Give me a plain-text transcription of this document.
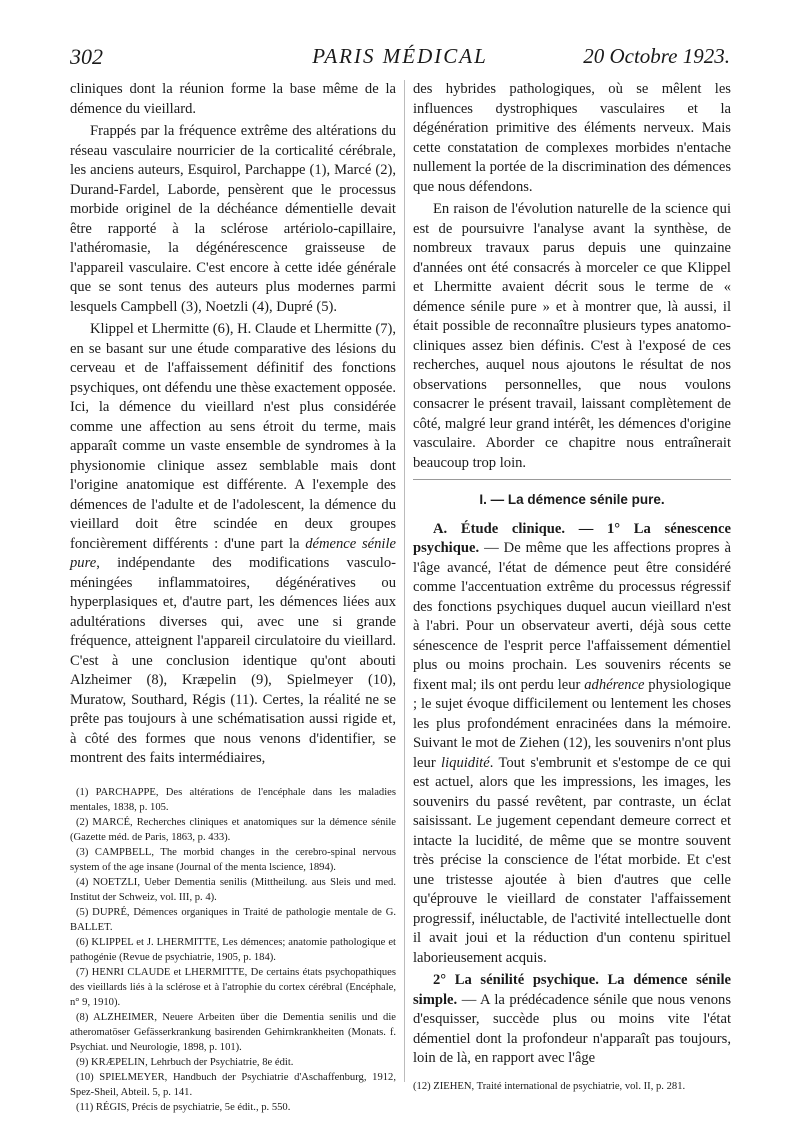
PARIS MÉDICAL
302	20 Octobre 1923.

cliniques dont la réunion forme la base même de la démence du vieillard.

Frappés par la fréquence extrême des altérations du réseau vasculaire nourricier de la corticalité cérébrale, les anciens auteurs, Esquirol, Parchappe (1), Marcé (2), Durand-Fardel, Laborde, pensèrent que le processus morbide originel de la déchéance démentielle devait être rapporté à la sclérose artériolo-capillaire, l'athéromasie, la dégénérescence graisseuse de l'appareil vasculaire. C'est encore à cette idée générale que se sont tenus des auteurs plus modernes parmi lesquels Campbell (3), Noetzli (4), Dupré (5).

Klippel et Lhermitte (6), H. Claude et Lhermitte (7), en se basant sur une étude comparative des lésions du cerveau et de l'affaissement définitif des fonctions psychiques, ont défendu une thèse exactement opposée. Ici, la démence du vieillard n'est plus considérée comme une affection au sens étroit du terme, mais apparaît comme un vaste ensemble de syndromes à la physionomie clinique assez semblable mais dont l'origine anatomique est différente. A l'exemple des démences de l'adulte et de l'adolescent, la démence du vieillard doit être scindée en deux groupes foncièrement différents : d'une part la démence sénile pure, indépendante des modifications vasculo-méningées inflammatoires, dégénératives ou hyperplasiques et, d'autre part, les démences liées aux adultérations diverses qui, avec une si grande fréquence, atteignent l'appareil circulatoire du vieillard. C'est à une conclusion identique qu'ont abouti Alzheimer (8), Kræpelin (9), Spielmeyer (10), Muratow, Southard, Régis (11). Certes, la réalité ne se prête pas toujours à une schématisation aussi rigide et, à côté des formes que nous venons d'identifier, se montrent des faits intermédiaires,

(1) PARCHAPPE, Des altérations de l'encéphale dans les maladies mentales, 1838, p. 105.

(2) MARCÉ, Recherches cliniques et anatomiques sur la démence sénile (Gazette méd. de Paris, 1863, p. 433).

(3) CAMPBELL, The morbid changes in the cerebro-spinal nervous system of the age insane (Journal of the menta lscience, 1894).

(4) NOETZLI, Ueber Dementia senilis (Mittheilung. aus Sleis und med. Institut der Schweiz, vol. III, p. 4).

(5) DUPRÉ, Démences organiques in Traité de pathologie mentale de G. BALLET.

(6) KLIPPEL et J. LHERMITTE, Les démences; anatomie pathologique et pathogénie (Revue de psychiatrie, 1905, p. 184).

(7) HENRI CLAUDE et LHERMITTE, De certains états psychopathiques des vieillards liés à la sclérose et à l'atrophie du cortex cérébral (Encéphale, n° 9, 1910).

(8) ALZHEIMER, Neuere Arbeiten über die Dementia senilis und die atheromatöser Gefässerkrankung basirenden Gehirnkrankheiten (Monats. f. Psychiat. und Neurologie, 1898, p. 101).

(9) KRÆPELIN, Lehrbuch der Psychiatrie, 8e édit.

(10) SPIELMEYER, Handbuch der Psychiatrie d'Aschaffenburg, 1912, Spez-Sheil, Abteil. 5, p. 141.

(11) RÉGIS, Précis de psychiatrie, 5e édit., p. 550.

des hybrides pathologiques, où se mêlent les influences dystrophiques vasculaires et la dégénération primitive des éléments nerveux. Mais cette constatation de complexes morbides n'entache nullement la portée de la discrimination des démences que nous défendons.

En raison de l'évolution naturelle de la science qui est de poursuivre l'analyse avant la synthèse, de nombreux travaux parus depuis une quinzaine d'années ont été consacrés à morceler ce que Klippel et Lhermitte avaient décrit sous le terme de « démence sénile pure » et à montrer que, là aussi, il était possible de reconnaître plusieurs types anatomo-cliniques assez bien définis. C'est à l'exposé de ces recherches, auquel nous ajoutons le résultat de nos observations personnelles, que nous voulons consacrer le présent travail, laissant complètement de côté, malgré leur grand intérêt, les démences d'origine vasculaire. Aborder ce chapitre nous entraînerait beaucoup trop loin.

I. — La démence sénile pure.

A. Étude clinique. — 1° La sénescence psychique. — De même que les affections propres à l'âge avancé, l'état de démence peut être considéré comme l'accentuation extrême du processus régressif des fonctions psychiques duquel aucun vieillard n'est à l'abri. Pour un observateur averti, déjà sous cette sénescence de l'esprit perce l'affaissement démentiel plus ou moins prochain. Les souvenirs récents se fixent mal; ils ont perdu leur adhérence physiologique ; le sujet évoque difficilement ou lentement les choses les plus profondément enracinées dans la mémoire. Suivant le mot de Ziehen (12), les souvenirs n'ont plus leur liquidité. Tout s'embrunit et s'estompe de ce qui est actuel, alors que les impressions, les images, les souvenirs du passé revêtent, par contraste, un éclat saisissant. Le jugement cependant demeure correct et intacte la lucidité, de même que se montre souvent très précise la conscience de l'état morbide. Et c'est une tristesse ajoutée à bien d'autres que celle qu'éprouve le vieillard de constater l'affaissement progressif, inéluctable, de l'activité intellectuelle dont il avait joui et la réduction d'un contenu spirituel laborieusement acquis.

2° La sénilité psychique. La démence sénile simple. — A la prédécadence sénile que nous venons d'esquisser, succède plus ou moins vite l'état démentiel dont la profondeur n'apparaît pas toujours, loin de là, en rapport avec l'âge

(12) ZIEHEN, Traité international de psychiatrie, vol. II, p. 281.
